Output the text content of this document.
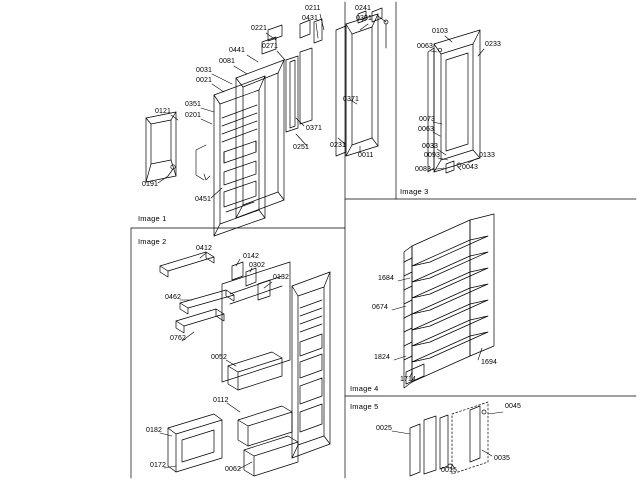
Image 1
Image 2
Image 3
Image 4
Image 5
0221
0431
0211	0241
0331
0441
0271
0081
0031
0021
0371
0121
0351
0201
0371
0251	0231
0011
0191
0451
0412
0142
0302
0132
0462
0762
0052
0112
0182
0172
0062
0103
0063	0233
0073
0063
0033
0093
0083
0133
0043
1684
0674
1824
1714
1694
0045
0025
0035
0015
